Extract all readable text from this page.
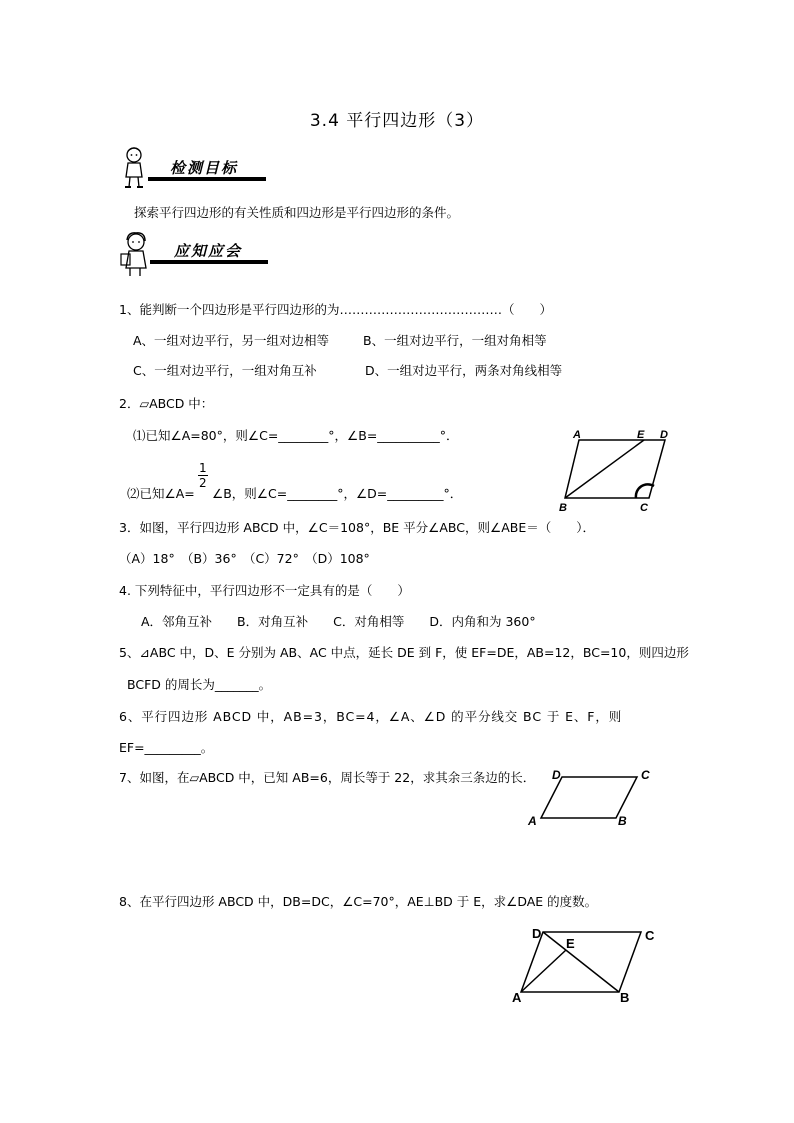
3.4 平行四边形（3）
检测目标
探索平行四边形的有关性质和四边形是平行四边形的条件。
应知应会
1、能判断一个四边形是平行四边形的为…………………………………（　　）
A、一组对边平行，另一组对边相等	B、一组对边平行，一组对角相等
C、一组对边平行，一组对角互补	D、一组对边平行，两条对角线相等
2．▱ABCD 中：
⑴已知∠A=80°，则∠C=________°，∠B=__________°．
⑵已知∠A=
$\frac{1}{2}$
∠B，则∠C=________°，∠D=_________°．
A	E D
B	C
3．如图，平行四边形 ABCD 中，∠C＝108°，BE 平分∠ABC，则∠ABE＝（　　）．
（A）18°　（B）36°　（C）72°　（D）108°
4. 下列特征中，平行四边形不一定具有的是（　　）
A．邻角互补　　B．对角互补　　C．对角相等　　D．内角和为 360°
5、⊿ABC 中，D、E 分别为 AB、AC 中点，延长 DE 到 F，使 EF=DE，AB=12，BC=10，则四边形
BCFD 的周长为_______。
6、平行四边形 ABCD 中，AB=3，BC=4，∠A、∠D 的平分线交 BC 于 E、F，则
EF=_________。
7、如图，在▱ABCD 中，已知 AB=6，周长等于 22，求其余三条边的长． D	C
A	B
8、在平行四边形 ABCD 中，DB=DC，∠C=70°，AE⊥BD 于 E，求∠DAE 的度数。
D
E
C
A	B
